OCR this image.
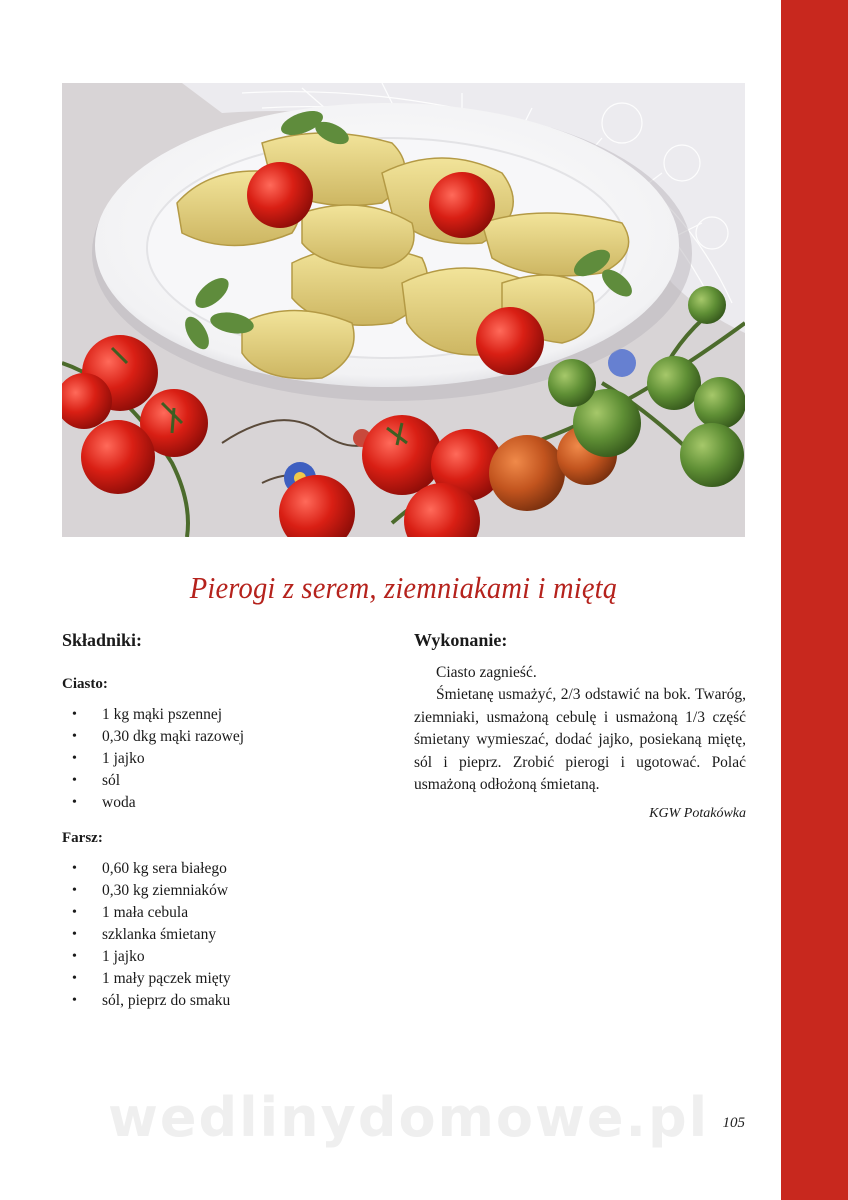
Pierogi z serem, ziemniakami i miętą
Składniki:
Ciasto:
• 1 kg mąki pszennej
• 0,30 dkg mąki razowej
• 1 jajko
• sól
• woda
Farsz:
• 0,60 kg sera białego
• 0,30 kg ziemniaków
• 1 mała cebula
• szklanka śmietany
• 1 jajko
• 1 mały pączek mięty
• sól, pieprz do smaku
Wykonanie:

Ciasto zagnieść.

Śmietanę usmażyć, 2/3 odstawić na bok. Twaróg, ziemniaki, usmażoną cebulę i usmażoną 1/3 część śmietany wymieszać, dodać jajko, posiekaną miętę, sól i pieprz. Zrobić pierogi i ugotować. Polać usmażoną odłożoną śmietaną.

KGW Potakówka
wedlinydomowe.pl 105
